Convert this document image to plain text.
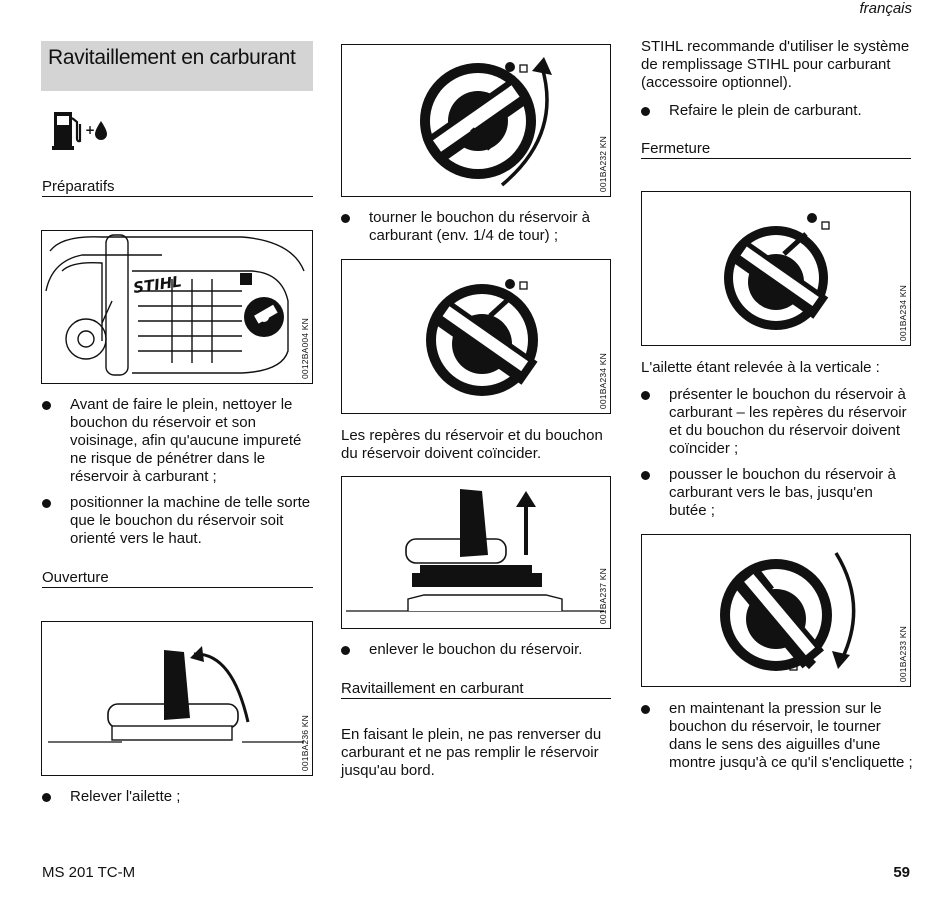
français
Ravitaillement en carburant
+
Préparatifs
STIHL
0012BA004 KN
Avant de faire le plein, nettoyer le bouchon du réservoir et son voisinage, afin qu'aucune impureté ne risque de pénétrer dans le réservoir à carburant ;
positionner la machine de telle sorte que le bouchon du réservoir soit orienté vers le haut.
Ouverture
001BA236 KN
Relever l'ailette ;
001BA232 KN
tourner le bouchon du réservoir à carburant (env. 1/4 de tour) ;
001BA234 KN
Les repères du réservoir et du bouchon du réservoir doivent coïncider.
001BA237 KN
enlever le bouchon du réservoir.
Ravitaillement en carburant
En faisant le plein, ne pas renverser du carburant et ne pas remplir le réservoir jusqu'au bord.
STIHL recommande d'utiliser le système de remplissage STIHL pour carburant (accessoire optionnel).
Refaire le plein de carburant.
Fermeture
001BA234 KN
L'ailette étant relevée à la verticale :
présenter le bouchon du réservoir à carburant – les repères du réservoir et du bouchon du réservoir doivent coïncider ;
pousser le bouchon du réservoir à carburant vers le bas, jusqu'en butée ;
001BA233 KN
en maintenant la pression sur le bouchon du réservoir, le tourner dans le sens des aiguilles d'une montre jusqu'à ce qu'il s'encliquette ;
MS 201 TC-M	59
